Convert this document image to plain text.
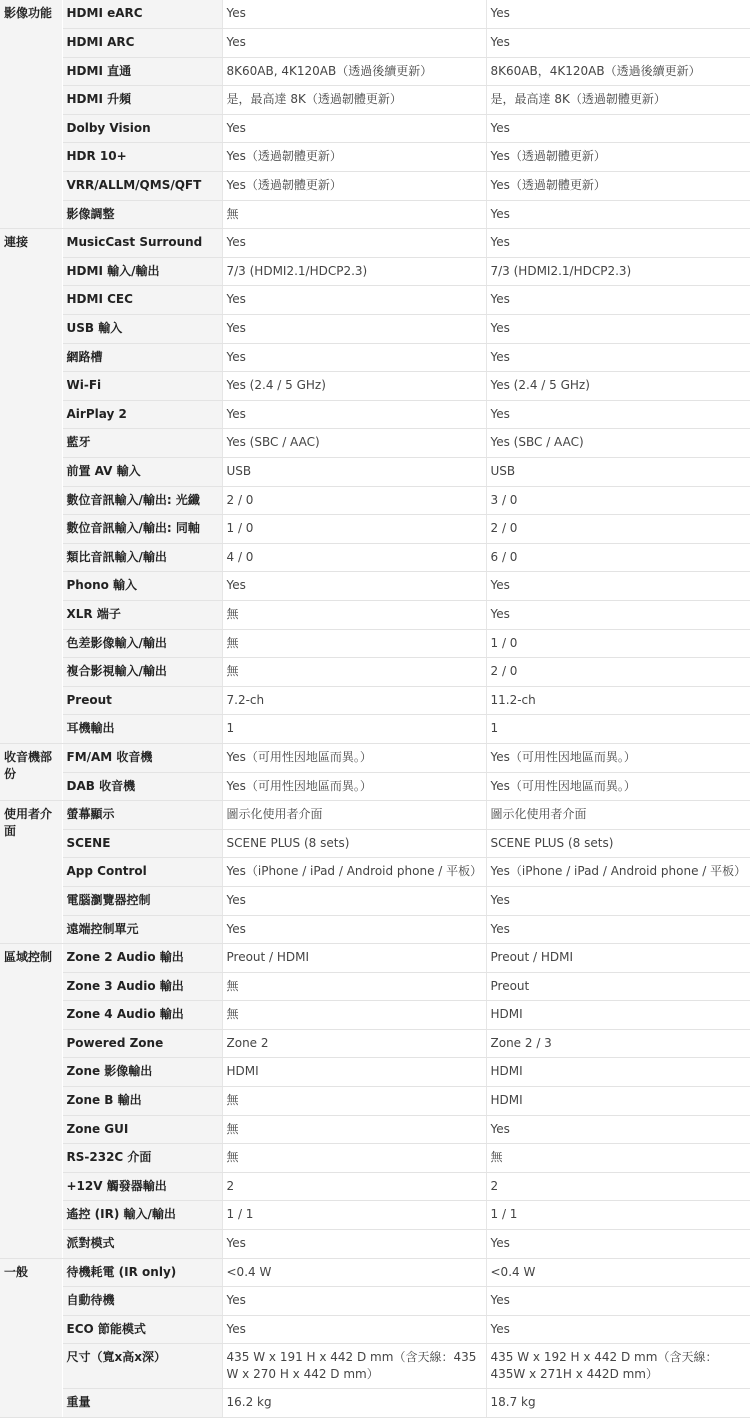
影像功能	HDMI eARC	Yes	Yes
	HDMI ARC	Yes	Yes
	HDMI 直通	8K60AB, 4K120AB（透過後續更新）	8K60AB，4K120AB（透過後續更新）
	HDMI 升頻	是，最高達 8K（透過韌體更新）	是，最高達 8K（透過韌體更新）
	Dolby Vision	Yes	Yes
	HDR 10+	Yes（透過韌體更新）	Yes（透過韌體更新）
	VRR/ALLM/QMS/QFT	Yes（透過韌體更新）	Yes（透過韌體更新）
	影像調整	無	Yes
連接	MusicCast Surround	Yes	Yes
	HDMI 輸入/輸出	7/3 (HDMI2.1/HDCP2.3)	7/3 (HDMI2.1/HDCP2.3)
	HDMI CEC	Yes	Yes
	USB 輸入	Yes	Yes
	網路槽	Yes	Yes
	Wi-Fi	Yes (2.4 / 5 GHz)	Yes (2.4 / 5 GHz)
	AirPlay 2	Yes	Yes
	藍牙	Yes (SBC / AAC)	Yes (SBC / AAC)
	前置 AV 輸入	USB	USB
	數位音訊輸入/輸出: 光纖	2 / 0	3 / 0
	數位音訊輸入/輸出: 同軸	1 / 0	2 / 0
	類比音訊輸入/輸出	4 / 0	6 / 0
	Phono 輸入	Yes	Yes
	XLR 端子	無	Yes
	色差影像輸入/輸出	無	1 / 0
	複合影視輸入/輸出	無	2 / 0
	Preout	7.2-ch	11.2-ch
	耳機輸出	1	1
收音機部份	FM/AM 收音機	Yes（可用性因地區而異。）	Yes（可用性因地區而異。）
	DAB 收音機	Yes（可用性因地區而異。）	Yes（可用性因地區而異。）
使用者介面	螢幕顯示	圖示化使用者介面	圖示化使用者介面
	SCENE	SCENE PLUS (8 sets)	SCENE PLUS (8 sets)
	App Control	Yes（iPhone / iPad / Android phone / 平板）	Yes（iPhone / iPad / Android phone / 平板）
	電腦瀏覽器控制	Yes	Yes
	遠端控制單元	Yes	Yes
區域控制	Zone 2 Audio 輸出	Preout / HDMI	Preout / HDMI
	Zone 3 Audio 輸出	無	Preout
	Zone 4 Audio 輸出	無	HDMI
	Powered Zone	Zone 2	Zone 2 / 3
	Zone 影像輸出	HDMI	HDMI
	Zone B 輸出	無	HDMI
	Zone GUI	無	Yes
	RS-232C 介面	無	無
	+12V 觸發器輸出	2	2
	遙控 (IR) 輸入/輸出	1 / 1	1 / 1
	派對模式	Yes	Yes
一般	待機耗電 (IR only)	<0.4 W	<0.4 W
	自動待機	Yes	Yes
	ECO 節能模式	Yes	Yes
	尺寸（寬x高x深）	435 W x 191 H x 442 D mm（含天線：435 W x 270 H x 442 D mm）	435 W x 192 H x 442 D mm（含天線：435W x 271H x 442D mm）
	重量	16.2 kg	18.7 kg
